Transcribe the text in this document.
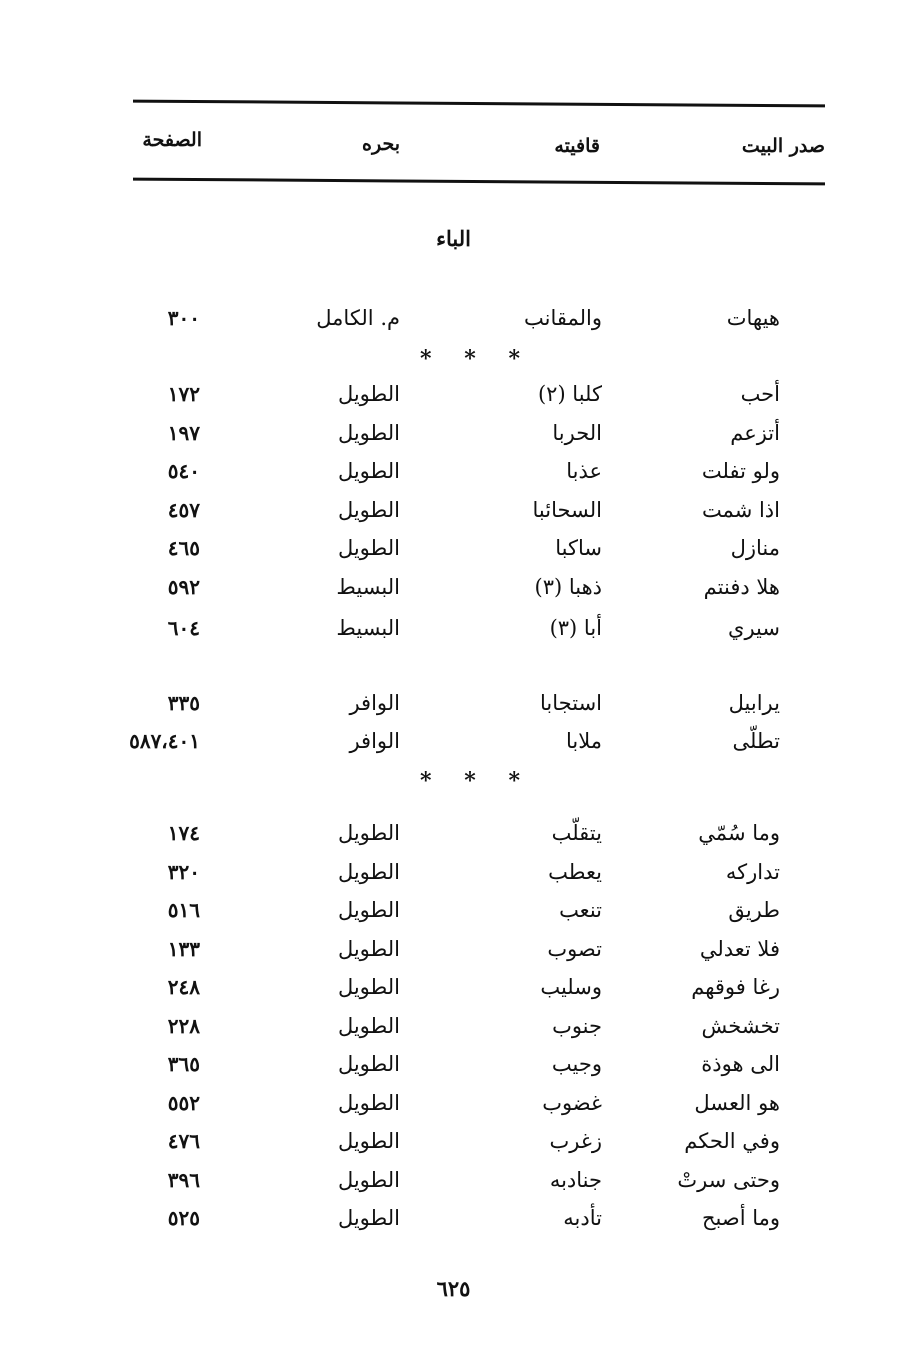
صدر البيت
قافيته
بحره
الصفحة
الباء
هيهات
والمقانب
م. الكامل
٣٠٠
أحب
كلبا (٢)
الطويل
١٧٢
أتزعم
الحربا
الطويل
١٩٧
ولو تفلت
عذبا
الطويل
٥٤٠
اذا شمت
السحائبا
الطويل
٤٥٧
منازل
ساكبا
الطويل
٤٦٥
هلا دفنتم
ذهبا (٣)
البسيط
٥٩٢
سيري
أبا (٣)
البسيط
٦٠٤
يرابيل
استجابا
الوافر
٣٣٥
تطلّى
ملابا
الوافر
٥٨٧،٤٠١
وما سُمّي
يتقلّب
الطويل
١٧٤
تداركه
يعطب
الطويل
٣٢٠
طريق
تنعب
الطويل
٥١٦
فلا تعدلي
تصوب
الطويل
١٣٣
رغا فوقهم
وسليب
الطويل
٢٤٨
تخشخش
جنوب
الطويل
٢٢٨
الى هوذة
وجيب
الطويل
٣٦٥
هو العسل
غضوب
الطويل
٥٥٢
وفي الحكم
زغرب
الطويل
٤٧٦
وحتى سرتْ
جنادبه
الطويل
٣٩٦
وما أصبح
تأدبه
الطويل
٥٢٥
* * *
* * *
٦٢٥
